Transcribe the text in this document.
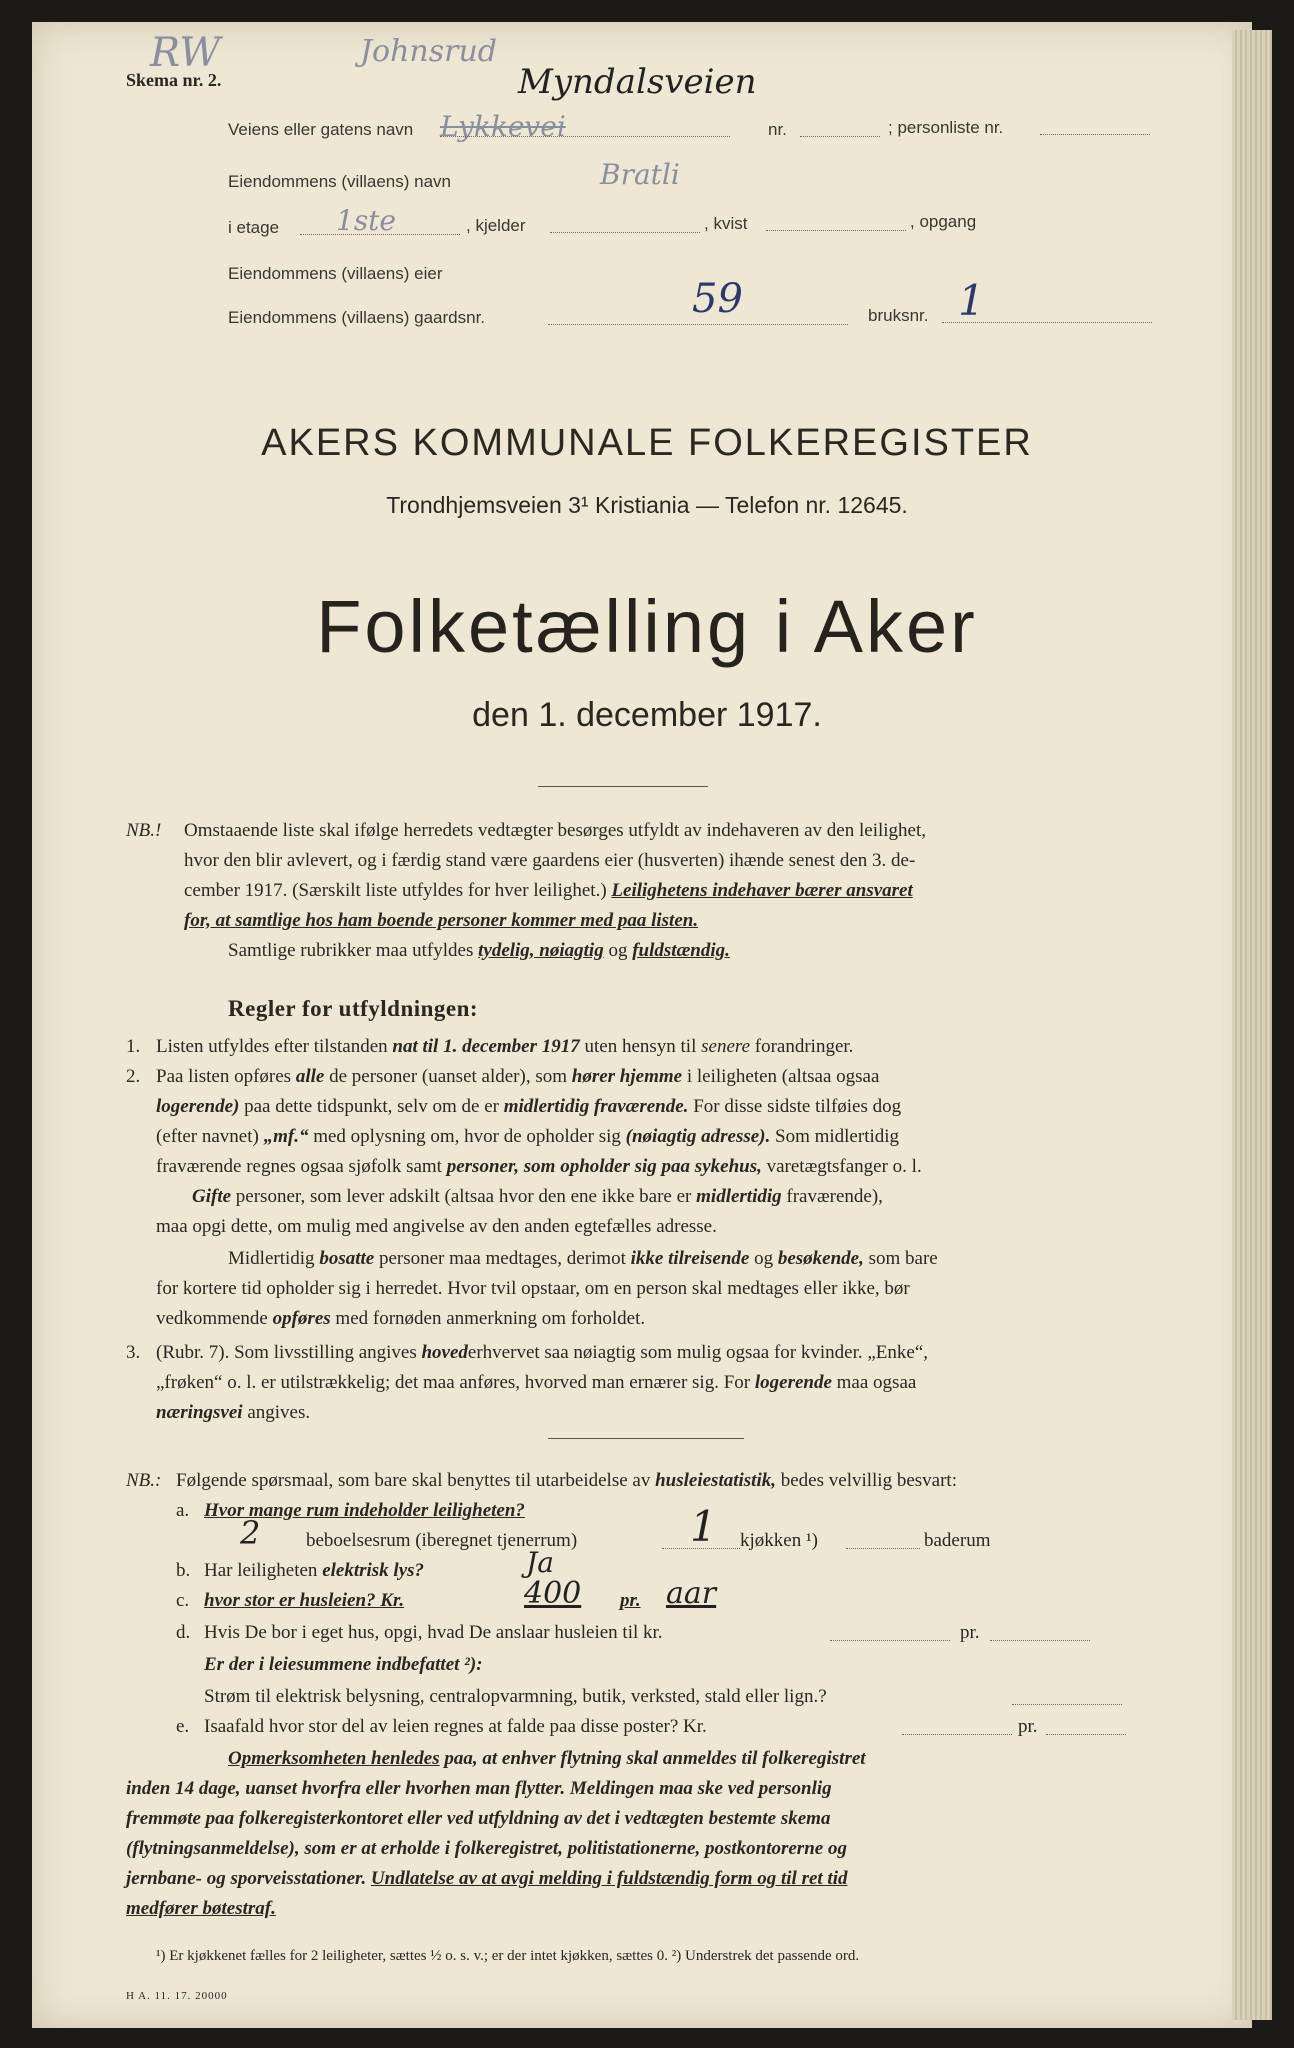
RW	Johnsrud
Skema nr. 2.	Myndalsveien
Veiens eller gatens navn Lykkevei	nr.	; personliste nr.
Eiendommens (villaens) navn	Bratli
i etage 1ste	, kjelder	, kvist	, opgang
Eiendommens (villaens) eier
Eiendommens (villaens) gaardsnr.	59	bruksnr. 1
AKERS KOMMUNALE FOLKEREGISTER
Trondhjemsveien 3¹ Kristiania — Telefon nr. 12645.
Folketælling i Aker
den 1. december 1917.
NB.! Omstaaende liste skal ifølge herredets vedtægter besørges utfyldt av indehaveren av den leilighet,
hvor den blir avlevert, og i færdig stand være gaardens eier (husverten) ihænde senest den 3. de-
cember 1917. (Særskilt liste utfyldes for hver leilighet.) Leilighetens indehaver bærer ansvaret
for, at samtlige hos ham boende personer kommer med paa listen.
Samtlige rubrikker maa utfyldes tydelig, nøiagtig og fuldstændig.
Regler for utfyldningen:
1. Listen utfyldes efter tilstanden nat til 1. december 1917 uten hensyn til senere forandringer.
2. Paa listen opføres alle de personer (uanset alder), som hører hjemme i leiligheten (altsaa ogsaa
logerende) paa dette tidspunkt, selv om de er midlertidig fraværende. For disse sidste tilføies dog
(efter navnet) „mf.“ med oplysning om, hvor de opholder sig (nøiagtig adresse). Som midlertidig
fraværende regnes ogsaa sjøfolk samt personer, som opholder sig paa sykehus, varetægtsfanger o. l.
Gifte personer, som lever adskilt (altsaa hvor den ene ikke bare er midlertidig fraværende),
maa opgi dette, om mulig med angivelse av den anden egtefælles adresse.
Midlertidig bosatte personer maa medtages, derimot ikke tilreisende og besøkende, som bare
for kortere tid opholder sig i herredet. Hvor tvil opstaar, om en person skal medtages eller ikke, bør
vedkommende opføres med fornøden anmerkning om forholdet.
3. (Rubr. 7). Som livsstilling angives hovederhvervet saa nøiagtig som mulig ogsaa for kvinder. „Enke“,
„frøken“ o. l. er utilstrækkelig; det maa anføres, hvorved man ernærer sig. For logerende maa ogsaa
næringsvei angives.
NB.: Følgende spørsmaal, som bare skal benyttes til utarbeidelse av husleiestatistik, bedes velvillig besvart:
a. Hvor mange rum indeholder leiligheten?
2 beboelsesrum (iberegnet tjenerrum)	1 kjøkken ¹)	baderum
b. Har leiligheten elektrisk lys?	Ja
c. hvor stor er husleien? Kr.	400 pr. aar
d. Hvis De bor i eget hus, opgi, hvad De anslaar husleien til kr.	pr.
Er der i leiesummene indbefattet ²):
Strøm til elektrisk belysning, centralopvarmning, butik, verksted, stald eller lign.?
e. Isaafald hvor stor del av leien regnes at falde paa disse poster? Kr.	pr.
Opmerksomheten henledes paa, at enhver flytning skal anmeldes til folkeregistret
inden 14 dage, uanset hvorfra eller hvorhen man flytter. Meldingen maa ske ved personlig
fremmøte paa folkeregisterkontoret eller ved utfyldning av det i vedtægten bestemte skema
(flytningsanmeldelse), som er at erholde i folkeregistret, politistationerne, postkontorerne og
jernbane- og sporveisstationer. Undlatelse av at avgi melding i fuldstændig form og til ret tid
medfører bøtestraf.
¹) Er kjøkkenet fælles for 2 leiligheter, sættes ½ o. s. v.; er der intet kjøkken, sættes 0. ²) Understrek det passende ord.
H A. 11. 17. 20000
